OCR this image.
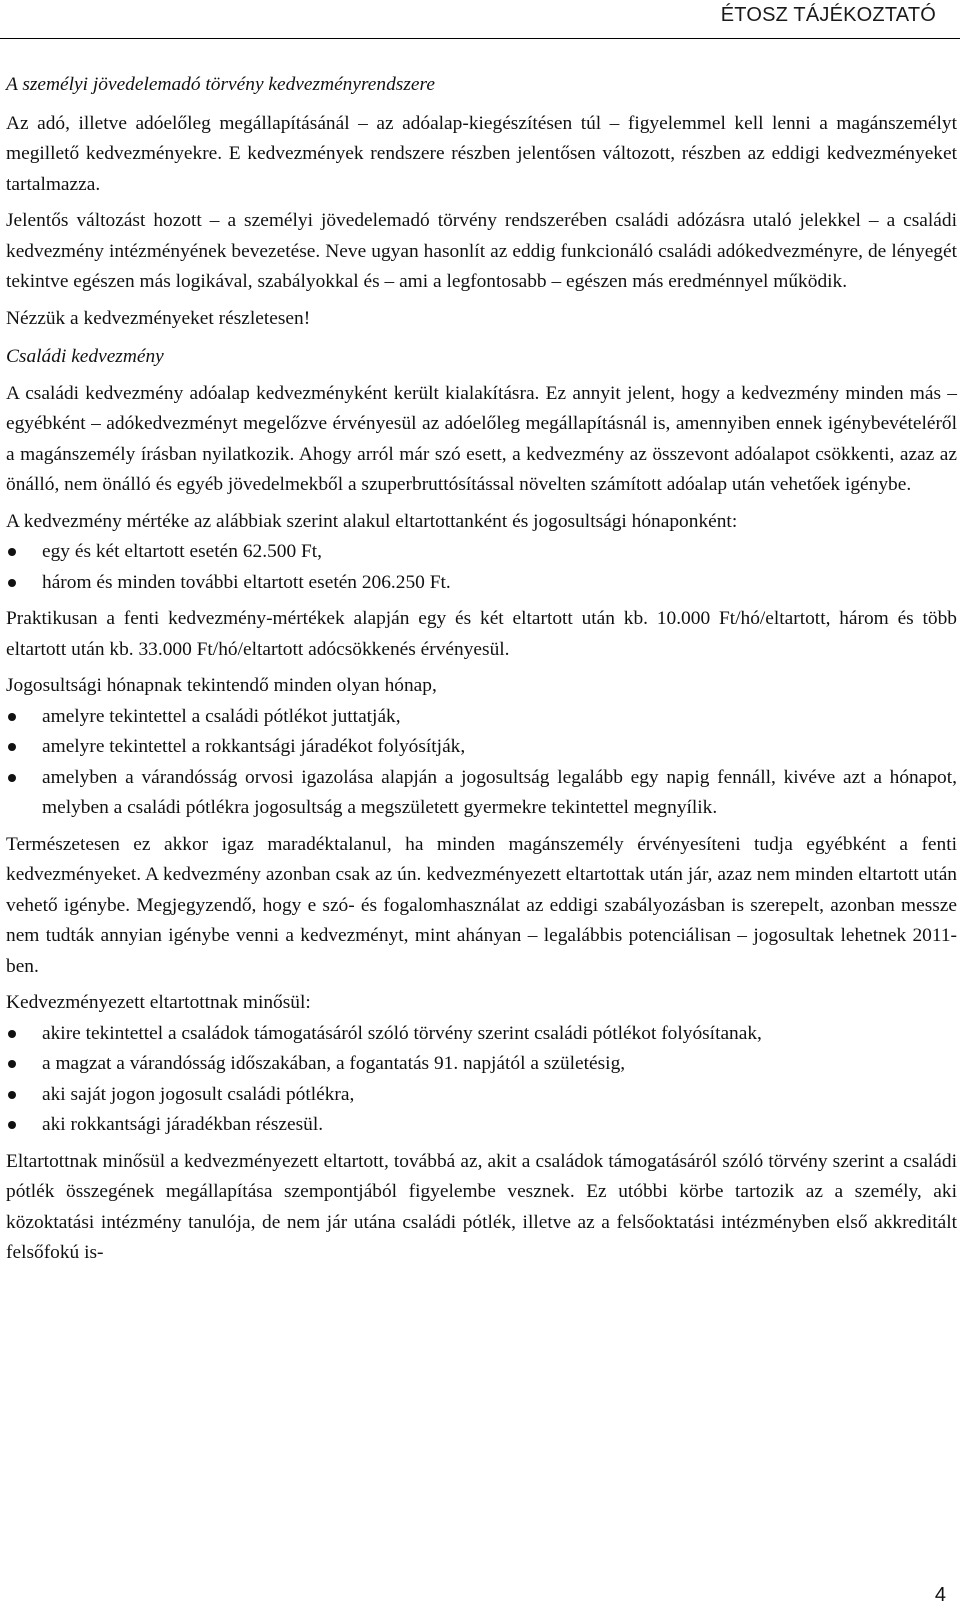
ÉTOSZ TÁJÉKOZTATÓ
A személyi jövedelemadó törvény kedvezményrendszere

Az adó, illetve adóelőleg megállapításánál – az adóalap-kiegészítésen túl – figyelemmel kell lenni a magánszemélyt megillető kedvezményekre. E kedvezmények rendszere részben jelentősen változott, részben az eddigi kedvezményeket tartalmazza.

Jelentős változást hozott – a személyi jövedelemadó törvény rendszerében családi adózásra utaló jelekkel – a családi kedvezmény intézményének bevezetése. Neve ugyan hasonlít az eddig funkcionáló családi adókedvezményre, de lényegét tekintve egészen más logikával, szabályokkal és – ami a legfontosabb – egészen más eredménnyel működik.

Nézzük a kedvezményeket részletesen!

Családi kedvezmény

A családi kedvezmény adóalap kedvezményként került kialakításra. Ez annyit jelent, hogy a kedvezmény minden más – egyébként – adókedvezményt megelőzve érvényesül az adóelőleg megállapításnál is, amennyiben ennek igénybevételéről a magánszemély írásban nyilatkozik. Ahogy arról már szó esett, a kedvezmény az összevont adóalapot csökkenti, azaz az önálló, nem önálló és egyéb jövedelmekből a szuperbruttósítással növelten számított adóalap után vehetőek igénybe.

A kedvezmény mértéke az alábbiak szerint alakul eltartottanként és jogosultsági hónaponként:

egy és két eltartott esetén 62.500 Ft,
három és minden további eltartott esetén 206.250 Ft.

Praktikusan a fenti kedvezmény-mértékek alapján egy és két eltartott után kb. 10.000 Ft/hó/eltartott, három és több eltartott után kb. 33.000 Ft/hó/eltartott adócsökkenés érvényesül.

Jogosultsági hónapnak tekintendő minden olyan hónap,

amelyre tekintettel a családi pótlékot juttatják,
amelyre tekintettel a rokkantsági járadékot folyósítják,
amelyben a várandósság orvosi igazolása alapján a jogosultság legalább egy napig fennáll, kivéve azt a hónapot, melyben a családi pótlékra jogosultság a megszületett gyermekre tekintettel megnyílik.

Természetesen ez akkor igaz maradéktalanul, ha minden magánszemély érvényesíteni tudja egyébként a fenti kedvezményeket. A kedvezmény azonban csak az ún. kedvezményezett eltartottak után jár, azaz nem minden eltartott után vehető igénybe. Megjegyzendő, hogy e szó- és fogalomhasználat az eddigi szabályozásban is szerepelt, azonban messze nem tudták annyian igénybe venni a kedvezményt, mint ahányan – legalábbis potenciálisan – jogosultak lehetnek 2011-ben.

Kedvezményezett eltartottnak minősül:

akire tekintettel a családok támogatásáról szóló törvény szerint családi pótlékot folyósítanak,
a magzat a várandósság időszakában, a fogantatás 91. napjától a születésig,
aki saját jogon jogosult családi pótlékra,
aki rokkantsági járadékban részesül.

Eltartottnak minősül a kedvezményezett eltartott, továbbá az, akit a családok támogatásáról szóló törvény szerint a családi pótlék összegének megállapítása szempontjából figyelembe vesznek. Ez utóbbi körbe tartozik az a személy, aki közoktatási intézmény tanulója, de nem jár utána családi pótlék, illetve az a felsőoktatási intézményben első akkreditált felsőfokú is-

4
